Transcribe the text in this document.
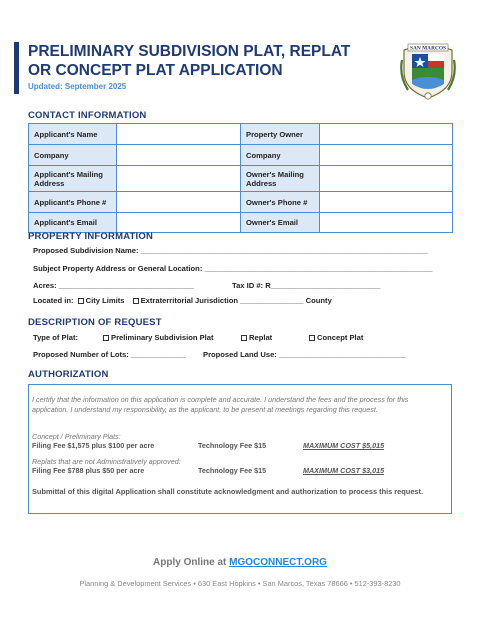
PRELIMINARY SUBDIVISION PLAT, REPLAT
OR CONCEPT PLAT APPLICATION
Updated: September 2025
SAN MARCOS
CONTACT INFORMATION
Applicant's Name		Property Owner	
Company		Company	
Applicant's Mailing Address		Owner's Mailing Address	
Applicant's Phone #		Owner's Phone #	
Applicant's Email		Owner's Email	
PROPERTY INFORMATION
Proposed Subdivision Name: ____________________________________________________________________
Subject Property Address or General Location: ______________________________________________________
Acres: ________________________________	Tax ID #: R__________________________
Located in: City Limits Extraterritorial Jurisdiction _______________ County
DESCRIPTION OF REQUEST
Type of Plat:	Preliminary Subdivision Plat	Replat	Concept Plat
Proposed Number of Lots: _____________ Proposed Land Use: ______________________________
AUTHORIZATION
I certify that the information on this application is complete and accurate. I understand the fees and the process for this application. I understand my responsibility, as the applicant, to be present at meetings regarding this request.
Concept / Preliminary Plats:
Filing Fee $1,575 plus $100 per acre	Technology Fee $15	MAXIMUM COST $5,015
Replats that are not Administratively approved:
Filing Fee $788 plus $50 per acre	Technology Fee $15	MAXIMUM COST $3,015
Submittal of this digital Application shall constitute acknowledgment and authorization to process this request.
Apply Online at MGOCONNECT.ORG
Planning & Development Services • 630 East Hopkins • San Marcos, Texas 78666 • 512-393-8230
